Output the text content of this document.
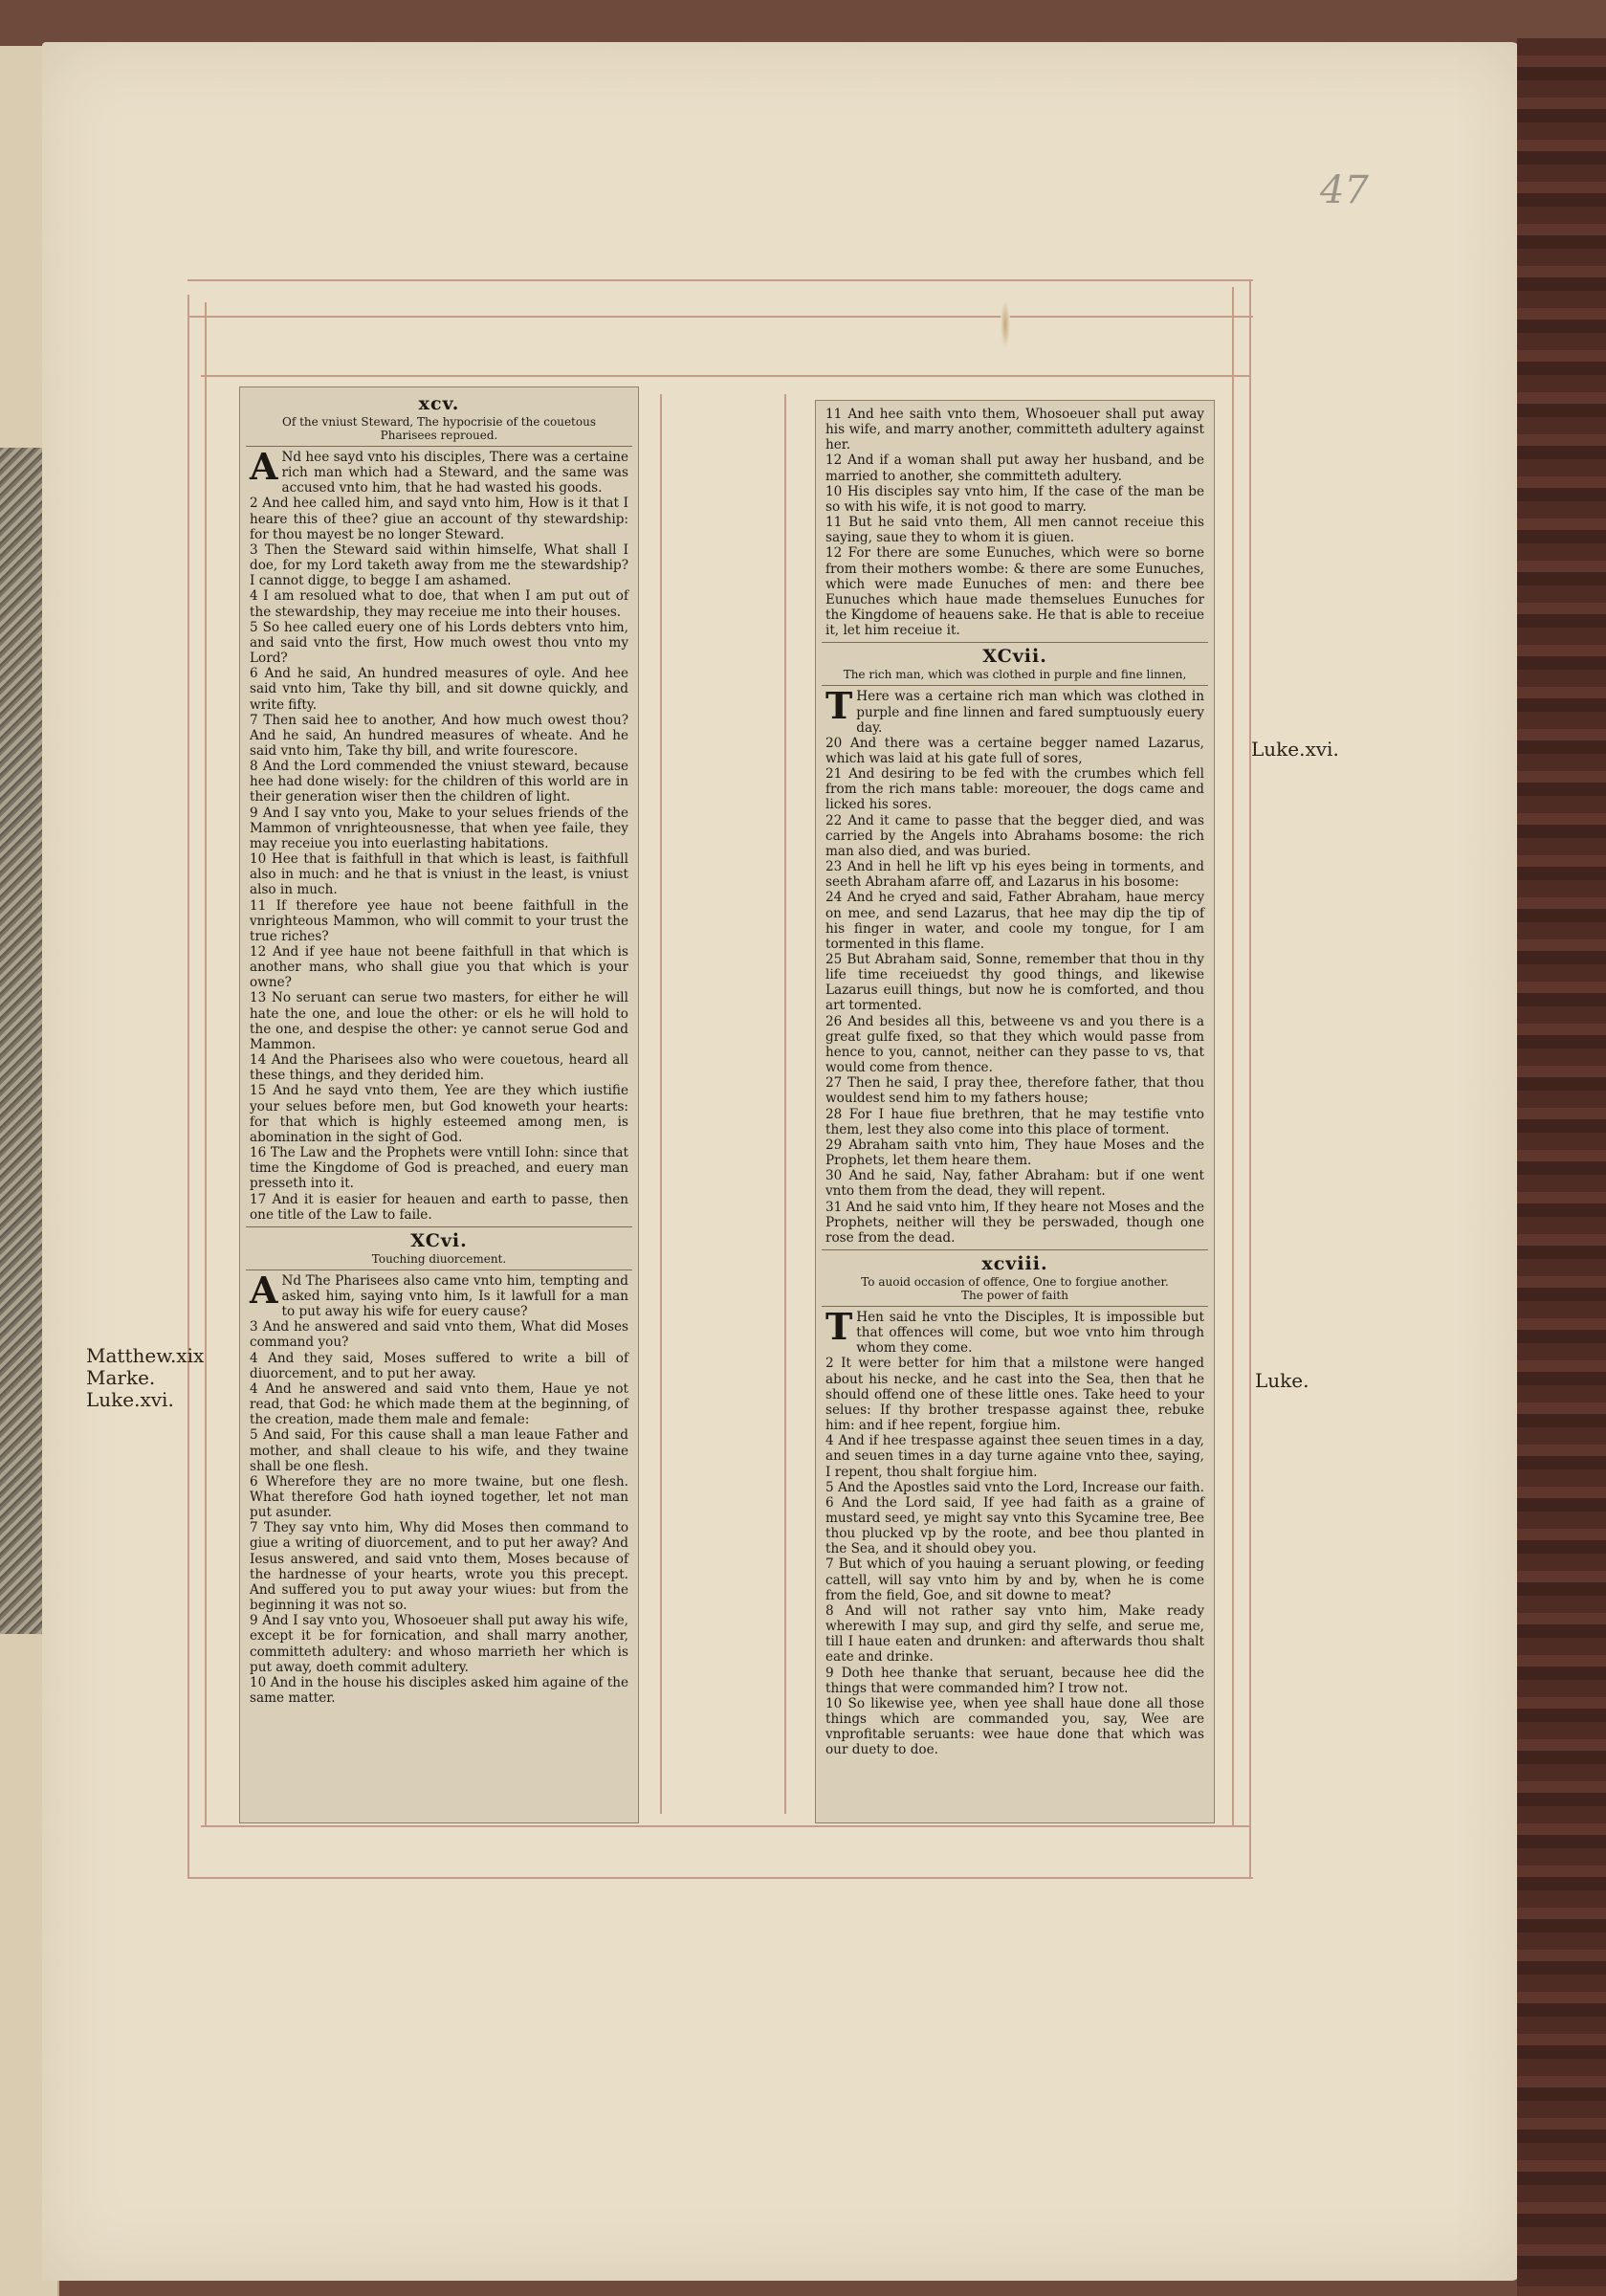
47
xcv.
Of the vniust Steward, The hypocrisie of the couetous
Pharisees reproued.

A Nd hee sayd vnto his disciples, There was a certaine rich man which had a Steward, and the same was accused vnto him, that he had wasted his goods.

2 And hee called him, and sayd vnto him, How is it that I heare this of thee? giue an account of thy stewardship: for thou mayest be no longer Steward.

3 Then the Steward said within himselfe, What shall I doe, for my Lord taketh away from me the stewardship? I cannot digge, to begge I am ashamed.

4 I am resolued what to doe, that when I am put out of the stewardship, they may receiue me into their houses.

5 So hee called euery one of his Lords debters vnto him, and said vnto the first, How much owest thou vnto my Lord?

6 And he said, An hundred measures of oyle. And hee said vnto him, Take thy bill, and sit downe quickly, and write fifty.

7 Then said hee to another, And how much owest thou? And he said, An hundred measures of wheate. And he said vnto him, Take thy bill, and write fourescore.

8 And the Lord commended the vniust steward, because hee had done wisely: for the children of this world are in their generation wiser then the children of light.

9 And I say vnto you, Make to your selues friends of the Mammon of vnrighteousnesse, that when yee faile, they may receiue you into euerlasting habitations.

10 Hee that is faithfull in that which is least, is faithfull also in much: and he that is vniust in the least, is vniust also in much.

11 If therefore yee haue not beene faithfull in the vnrighteous Mammon, who will commit to your trust the true riches?

12 And if yee haue not beene faithfull in that which is another mans, who shall giue you that which is your owne?

13 No seruant can serue two masters, for either he will hate the one, and loue the other: or els he will hold to the one, and despise the other: ye cannot serue God and Mammon.

14 And the Pharisees also who were couetous, heard all these things, and they derided him.

15 And he sayd vnto them, Yee are they which iustifie your selues before men, but God knoweth your hearts: for that which is highly esteemed among men, is abomination in the sight of God.

16 The Law and the Prophets were vntill Iohn: since that time the Kingdome of God is preached, and euery man presseth into it.

17 And it is easier for heauen and earth to passe, then one title of the Law to faile.

XCvi.
Touching diuorcement.

A Nd The Pharisees also came vnto him, tempting and asked him, saying vnto him, Is it lawfull for a man to put away his wife for euery cause?

3 And he answered and said vnto them, What did Moses command you?

4 And they said, Moses suffered to write a bill of diuorcement, and to put her away.

4 And he answered and said vnto them, Haue ye not read, that God: he which made them at the beginning, of the creation, made them male and female:

5 And said, For this cause shall a man leaue Father and mother, and shall cleaue to his wife, and they twaine shall be one flesh.

6 Wherefore they are no more twaine, but one flesh. What therefore God hath ioyned together, let not man put asunder.

7 They say vnto him, Why did Moses then command to giue a writing of diuorcement, and to put her away? And Iesus answered, and said vnto them, Moses because of the hardnesse of your hearts, wrote you this precept. And suffered you to put away your wiues: but from the beginning it was not so.

9 And I say vnto you, Whosoeuer shall put away his wife, except it be for fornication, and shall marry another, committeth adultery: and whoso marrieth her which is put away, doeth commit adultery.

10 And in the house his disciples asked him againe of the same matter.

11 And hee saith vnto them, Whosoeuer shall put away his wife, and marry another, committeth adultery against her.

12 And if a woman shall put away her husband, and be married to another, she committeth adultery.

10 His disciples say vnto him, If the case of the man be so with his wife, it is not good to marry.

11 But he said vnto them, All men cannot receiue this saying, saue they to whom it is giuen.

12 For there are some Eunuches, which were so borne from their mothers wombe: & there are some Eunuches, which were made Eunuches of men: and there bee Eunuches which haue made themselues Eunuches for the Kingdome of heauens sake. He that is able to receiue it, let him receiue it.

XCvii.
The rich man, which was clothed in purple and fine linnen,

T Here was a certaine rich man which was clothed in purple and fine linnen and fared sumptuously euery day.

20 And there was a certaine begger named Lazarus, which was laid at his gate full of sores,

21 And desiring to be fed with the crumbes which fell from the rich mans table: moreouer, the dogs came and licked his sores.

22 And it came to passe that the begger died, and was carried by the Angels into Abrahams bosome: the rich man also died, and was buried.

23 And in hell he lift vp his eyes being in torments, and seeth Abraham afarre off, and Lazarus in his bosome:

24 And he cryed and said, Father Abraham, haue mercy on mee, and send Lazarus, that hee may dip the tip of his finger in water, and coole my tongue, for I am tormented in this flame.

25 But Abraham said, Sonne, remember that thou in thy life time receiuedst thy good things, and likewise Lazarus euill things, but now he is comforted, and thou art tormented.

26 And besides all this, betweene vs and you there is a great gulfe fixed, so that they which would passe from hence to you, cannot, neither can they passe to vs, that would come from thence.

27 Then he said, I pray thee, therefore father, that thou wouldest send him to my fathers house;

28 For I haue fiue brethren, that he may testifie vnto them, lest they also come into this place of torment.

29 Abraham saith vnto him, They haue Moses and the Prophets, let them heare them.

30 And he said, Nay, father Abraham: but if one went vnto them from the dead, they will repent.

31 And he said vnto him, If they heare not Moses and the Prophets, neither will they be perswaded, though one rose from the dead.

xcviii.
To auoid occasion of offence, One to forgiue another.
The power of faith

T Hen said he vnto the Disciples, It is impossible but that offences will come, but woe vnto him through whom they come.

2 It were better for him that a milstone were hanged about his necke, and he cast into the Sea, then that he should offend one of these little ones. Take heed to your selues: If thy brother trespasse against thee, rebuke him: and if hee repent, forgiue him.

4 And if hee trespasse against thee seuen times in a day, and seuen times in a day turne againe vnto thee, saying, I repent, thou shalt forgiue him.

5 And the Apostles said vnto the Lord, Increase our faith.

6 And the Lord said, If yee had faith as a graine of mustard seed, ye might say vnto this Sycamine tree, Bee thou plucked vp by the roote, and bee thou planted in the Sea, and it should obey you.

7 But which of you hauing a seruant plowing, or feeding cattell, will say vnto him by and by, when he is come from the field, Goe, and sit downe to meat?

8 And will not rather say vnto him, Make ready wherewith I may sup, and gird thy selfe, and serue me, till I haue eaten and drunken: and afterwards thou shalt eate and drinke.

9 Doth hee thanke that seruant, because hee did the things that were commanded him? I trow not.

10 So likewise yee, when yee shall haue done all those things which are commanded you, say, Wee are vnprofitable seruants: wee haue done that which was our duety to doe.

Matthew.xix
Marke.
Luke.xvi.
Luke.xvi.
Luke.
